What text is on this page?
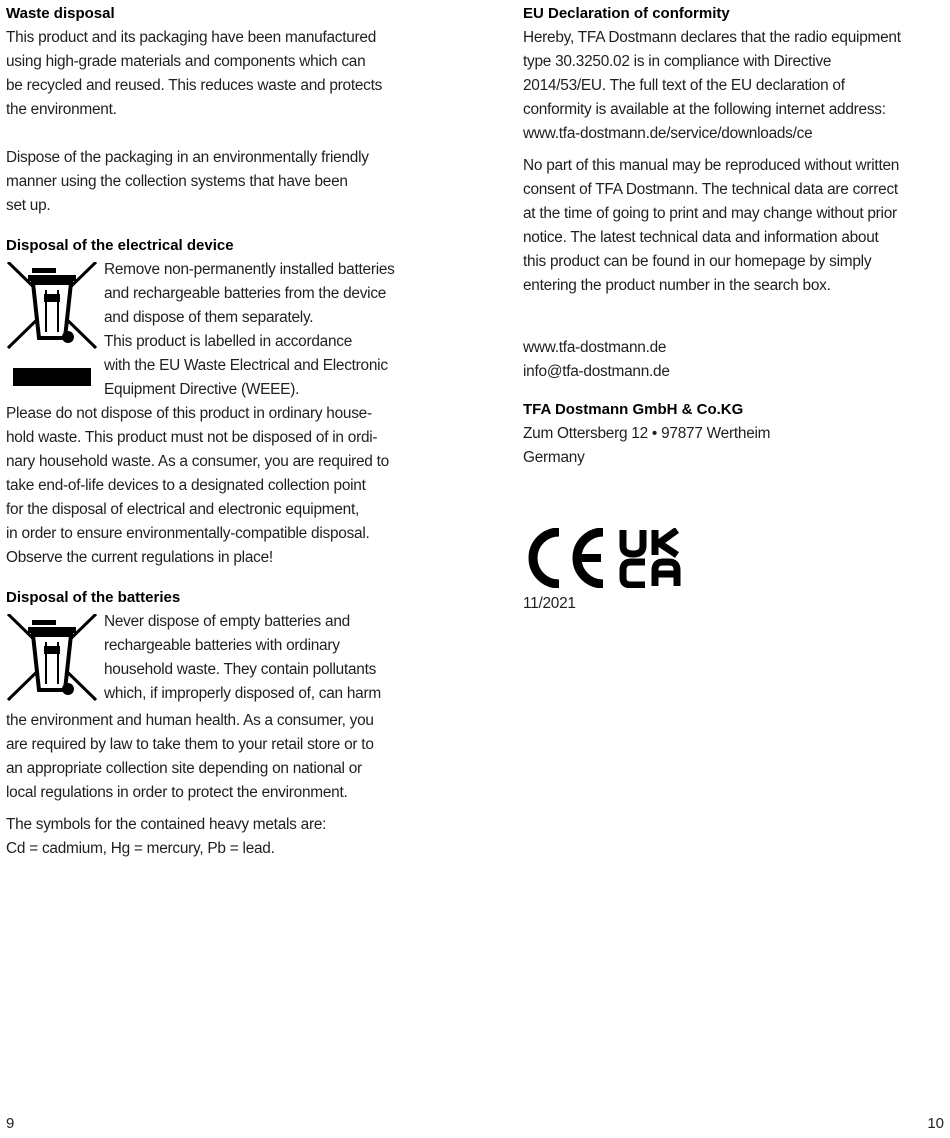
Waste disposal

This product and its packaging have been manufactured

using high-grade materials and components which can

be recycled and reused. This reduces waste and protects

the environment.

Dispose of the packaging in an environmentally friendly

manner using the collection systems that have been

set up.

Disposal of the electrical device

Remove non-permanently installed batteries

and rechargeable batteries from the device

and dispose of them separately.

This product is labelled in accordance

with the EU Waste Electrical and Electronic

Equipment Directive (WEEE).

Please do not dispose of this product in ordinary house-

hold waste. This product must not be disposed of in ordi-

nary household waste. As a consumer, you are required to

take end-of-life devices to a designated collection point

for the disposal of electrical and electronic equipment,

in order to ensure environmentally-compatible disposal.

Observe the current regulations in place!

Disposal of the batteries

Never dispose of empty batteries and

rechargeable batteries with ordinary

household waste. They contain pollutants

which, if improperly disposed of, can harm

the environment and human health. As a consumer, you

are required by law to take them to your retail store or to

an appropriate collection site depending on national or

local regulations in order to protect the environment.

The symbols for the contained heavy metals are:

Cd = cadmium, Hg = mercury, Pb = lead.

EU Declaration of conformity

Hereby, TFA Dostmann declares that the radio equipment

type 30.3250.02 is in compliance with Directive

2014/53/EU. The full text of the EU declaration of

conformity is available at the following internet address:

www.tfa-dostmann.de/service/downloads/ce

No part of this manual may be reproduced without written

consent of TFA Dostmann. The technical data are correct

at the time of going to print and may change without prior

notice. The latest technical data and information about

this product can be found in our homepage by simply

entering the product number in the search box.

www.tfa-dostmann.de

info@tfa-dostmann.de

TFA Dostmann GmbH & Co.KG

Zum Ottersberg 12 • 97877 Wertheim

Germany

11/2021

9	10
